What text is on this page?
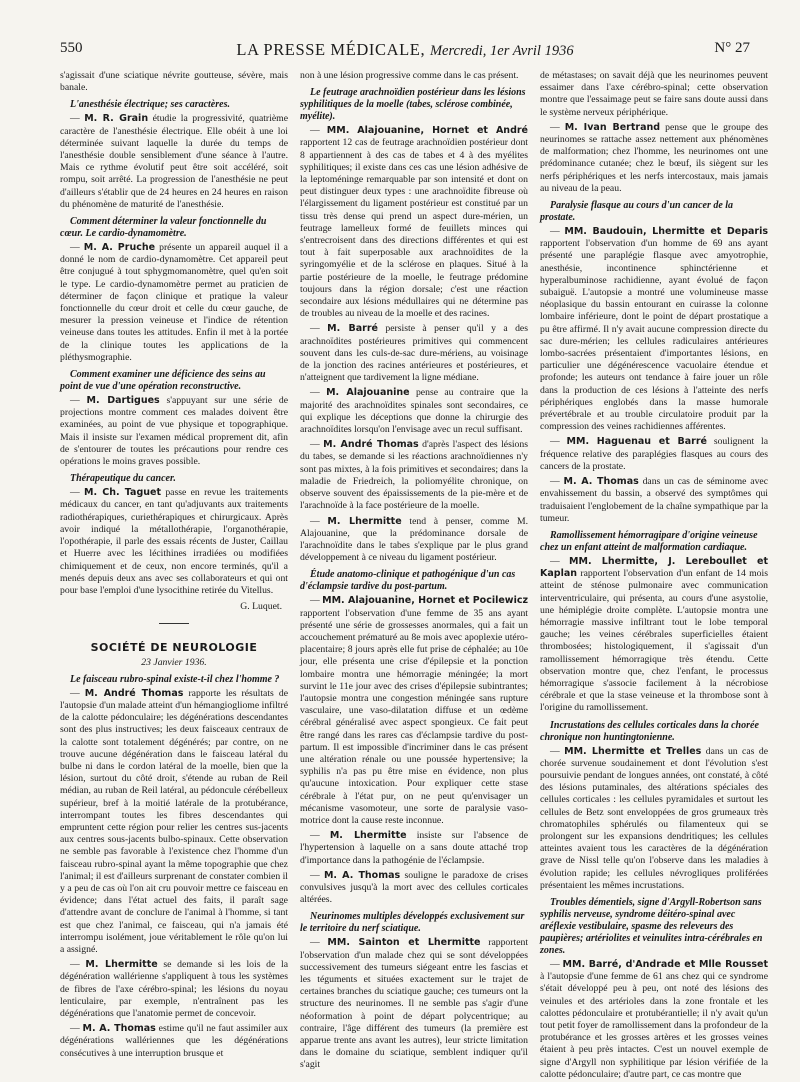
550	LA PRESSE MÉDICALE, Mercredi, 1er Avril 1936	N° 27

s'agissait d'une sciatique névrite goutteuse, sévère, mais banale.

L'anesthésie électrique; ses caractères.

— M. R. Grain étudie la progressivité, quatrième caractère de l'anesthésie électrique. Elle obéit à une loi déterminée suivant laquelle la durée du temps de l'anesthésie double sensiblement d'une séance à l'autre. Mais ce rythme évolutif peut être soit accéléré, soit rompu, soit arrêté. La progression de l'anesthésie ne peut d'ailleurs s'établir que de 24 heures en 24 heures en raison du phénomène de maturité de l'anesthésie.

Comment déterminer la valeur fonctionnelle du cœur. Le cardio-dynamomètre.

— M. A. Pruche présente un appareil auquel il a donné le nom de cardio-dynamomètre. Cet appareil peut être conjugué à tout sphygmomanomètre, quel qu'en soit le type. Le cardio-dynamomètre permet au praticien de déterminer de façon clinique et pratique la valeur fonctionnelle du cœur droit et celle du cœur gauche, de mesurer la pression veineuse et l'indice de rétention veineuse dans toutes les attitudes. Enfin il met à la portée de la clinique toutes les applications de la pléthysmographie.

Comment examiner une déficience des seins au point de vue d'une opération reconstructive.

— M. Dartigues s'appuyant sur une série de projections montre comment ces malades doivent être examinées, au point de vue physique et topographique. Mais il insiste sur l'examen médical proprement dit, afin de s'entourer de toutes les précautions pour rendre ces opérations le moins graves possible.

Thérapeutique du cancer.

— M. Ch. Taguet passe en revue les traitements médicaux du cancer, en tant qu'adjuvants aux traitements radiothérapiques, curiethérapiques et chirurgicaux. Après avoir indiqué la métallothérapie, l'organothérapie, l'opothérapie, il parle des essais récents de Juster, Caillau et Huerre avec les lécithines irradiées ou modifiées chimiquement et de ceux, non encore terminés, qu'il a menés depuis deux ans avec ses collaborateurs et qui ont pour base l'emploi d'une lysocithine retirée du Vitellus.

G. Luquet.

SOCIÉTÉ DE NEUROLOGIE

23 Janvier 1936.

Le faisceau rubro-spinal existe-t-il chez l'homme ?

— M. André Thomas rapporte les résultats de l'autopsie d'un malade atteint d'un hémangiogliome infiltré de la calotte pédonculaire; les dégénérations descendantes sont des plus instructives; les deux faisceaux centraux de la calotte sont totalement dégénérés; par contre, on ne trouve aucune dégénération dans le faisceau latéral du bulbe ni dans le cordon latéral de la moelle, bien que la lésion, surtout du côté droit, s'étende au ruban de Reil médian, au ruban de Reil latéral, au pédoncule cérébelleux supérieur, bref à la moitié latérale de la protubérance, interrompant toutes les fibres descendantes qui empruntent cette région pour relier les centres sus-jacents aux centres sous-jacents bulbo-spinaux. Cette observation ne semble pas favorable à l'existence chez l'homme d'un faisceau rubro-spinal ayant la même topographie que chez l'animal; il est d'ailleurs surprenant de constater combien il y a peu de cas où l'on ait cru pouvoir mettre ce faisceau en évidence; dans l'état actuel des faits, il paraît sage d'attendre avant de conclure de l'animal à l'homme, si tant est que chez l'animal, ce faisceau, qui n'a jamais été interrompu isolément, joue véritablement le rôle qu'on lui a assigné.

— M. Lhermitte se demande si les lois de la dégénération wallérienne s'appliquent à tous les systèmes de fibres de l'axe cérébro-spinal; les lésions du noyau lenticulaire, par exemple, n'entraînent pas les dégénérations que l'anatomie permet de concevoir.

— M. A. Thomas estime qu'il ne faut assimiler aux dégénérations wallériennes que les dégénérations consécutives à une interruption brusque et

non à une lésion progressive comme dans le cas présent.

Le feutrage arachnoïdien postérieur dans les lésions syphilitiques de la moelle (tabes, sclérose combinée, myélite).

— MM. Alajouanine, Hornet et André rapportent 12 cas de feutrage arachnoïdien postérieur dont 8 appartiennent à des cas de tabes et 4 à des myélites syphilitiques; il existe dans ces cas une lésion adhésive de la leptoméninge remarquable par son intensité et dont on peut distinguer deux types : une arachnoïdite fibreuse où l'élargissement du ligament postérieur est constitué par un tissu très dense qui prend un aspect dure-mérien, un feutrage lamelleux formé de feuillets minces qui s'entrecroisent dans des directions différentes et qui est tout à fait superposable aux arachnoïdites de la syringomyélie et de la sclérose en plaques. Situé à la partie postérieure de la moelle, le feutrage prédomine toujours dans la région dorsale; c'est une réaction secondaire aux lésions médullaires qui ne détermine pas de troubles au niveau de la moelle et des racines.

— M. Barré persiste à penser qu'il y a des arachnoïdites postérieures primitives qui commencent souvent dans les culs-de-sac dure-mériens, au voisinage de la jonction des racines antérieures et postérieures, et n'atteignent que tardivement la ligne médiane.

— M. Alajouanine pense au contraire que la majorité des arachnoïdites spinales sont secondaires, ce qui explique les déceptions que donne la chirurgie des arachnoïdites lorsqu'on l'envisage avec un recul suffisant.

— M. André Thomas d'après l'aspect des lésions du tabes, se demande si les réactions arachnoïdiennes n'y sont pas mixtes, à la fois primitives et secondaires; dans la maladie de Friedreich, la poliomyélite chronique, on observe souvent des épaississements de la pie-mère et de l'arachnoïde à la face postérieure de la moelle.

— M. Lhermitte tend à penser, comme M. Alajouanine, que la prédominance dorsale de l'arachnoïdite dans le tabes s'explique par le plus grand développement à ce niveau du ligament postérieur.

Étude anatomo-clinique et pathogénique d'un cas d'éclampsie tardive du post-partum.

— MM. Alajouanine, Hornet et Pocilewicz rapportent l'observation d'une femme de 35 ans ayant présenté une série de grossesses anormales, qui a fait un accouchement prématuré au 8e mois avec apoplexie utéro-placentaire; 8 jours après elle fut prise de céphalée; au 10e jour, elle présenta une crise d'épilepsie et la ponction lombaire montra une hémorragie méningée; la mort survint le 11e jour avec des crises d'épilepsie subintrantes; l'autopsie montra une congestion méningée sans rupture vasculaire, une vaso-dilatation diffuse et un œdème cérébral généralisé avec aspect spongieux. Ce fait peut être rangé dans les rares cas d'éclampsie tardive du post-partum. Il est impossible d'incriminer dans le cas présent une altération rénale ou une poussée hypertensive; la syphilis n'a pas pu être mise en évidence, non plus qu'aucune intoxication. Pour expliquer cette stase cérébrale à l'état pur, on ne peut qu'envisager un mécanisme vasomoteur, une sorte de paralysie vaso-motrice dont la cause reste inconnue.

— M. Lhermitte insiste sur l'absence de l'hypertension à laquelle on a sans doute attaché trop d'importance dans la pathogénie de l'éclampsie.

— M. A. Thomas souligne le paradoxe de crises convulsives jusqu'à la mort avec des cellules corticales altérées.

Neurinomes multiples développés exclusivement sur le territoire du nerf sciatique.

— MM. Sainton et Lhermitte rapportent l'observation d'un malade chez qui se sont développées successivement des tumeurs siégeant entre les fascias et les téguments et situées exactement sur le trajet de certaines branches du sciatique gauche; ces tumeurs ont la structure des neurinomes. Il ne semble pas s'agir d'une néoformation à point de départ polycentrique; au contraire, l'âge différent des tumeurs (la première est apparue trente ans avant les autres), leur stricte limitation dans le domaine du sciatique, semblent indiquer qu'il s'agit

de métastases; on savait déjà que les neurinomes peuvent essaimer dans l'axe cérébro-spinal; cette observation montre que l'essaimage peut se faire sans doute aussi dans le système nerveux périphérique.

— M. Ivan Bertrand pense que le groupe des neurinomes se rattache assez nettement aux phénomènes de malformation; chez l'homme, les neurinomes ont une prédominance cutanée; chez le bœuf, ils siègent sur les nerfs périphériques et les nerfs intercostaux, mais jamais au niveau de la peau.

Paralysie flasque au cours d'un cancer de la prostate.

— MM. Baudouin, Lhermitte et Deparis rapportent l'observation d'un homme de 69 ans ayant présenté une paraplégie flasque avec amyotrophie, anesthésie, incontinence sphinctérienne et hyperalbuminose rachidienne, ayant évolué de façon subaiguë. L'autopsie a montré une volumineuse masse néoplasique du bassin entourant en cuirasse la colonne lombaire inférieure, dont le point de départ prostatique a pu être affirmé. Il n'y avait aucune compression directe du sac dure-mérien; les cellules radiculaires antérieures lombo-sacrées présentaient d'importantes lésions, en particulier une dégénérescence vacuolaire étendue et profonde; les auteurs ont tendance à faire jouer un rôle dans la production de ces lésions à l'atteinte des nerfs périphériques englobés dans la masse humorale prévertébrale et au trouble circulatoire produit par la compression des veines rachidiennes afférentes.

— MM. Haguenau et Barré soulignent la fréquence relative des paraplégies flasques au cours des cancers de la prostate.

— M. A. Thomas dans un cas de séminome avec envahissement du bassin, a observé des symptômes qui traduisaient l'englobement de la chaîne sympathique par la tumeur.

Ramollissement hémorragipare d'origine veineuse chez un enfant atteint de malformation cardiaque.

— MM. Lhermitte, J. Lereboullet et Kaplan rapportent l'observation d'un enfant de 14 mois atteint de sténose pulmonaire avec communication interventriculaire, qui présenta, au cours d'une asystolie, une hémiplégie droite complète. L'autopsie montra une hémorragie massive infiltrant tout le lobe temporal gauche; les veines cérébrales superficielles étaient thrombosées; histologiquement, il s'agissait d'un ramollissement hémorragique très étendu. Cette observation montre que, chez l'enfant, le processus hémorragique s'associe facilement à la nécrobiose cérébrale et que la stase veineuse et la thrombose sont à l'origine du ramollissement.

Incrustations des cellules corticales dans la chorée chronique non huntingtonienne.

— MM. Lhermitte et Trelles dans un cas de chorée survenue soudainement et dont l'évolution s'est poursuivie pendant de longues années, ont constaté, à côté des lésions putaminales, des altérations spéciales des cellules corticales : les cellules pyramidales et surtout les cellules de Betz sont enveloppées de gros grumeaux très chromatophiles sphérulés ou filamenteux qui se prolongent sur les expansions dendritiques; les cellules atteintes avaient tous les caractères de la dégénération grave de Nissl telle qu'on l'observe dans les maladies à évolution rapide; les cellules névrogliques proliférées présentaient les mêmes incrustations.

Troubles démentiels, signe d'Argyll-Robertson sans syphilis nerveuse, syndrome déitéro-spinal avec aréflexie vestibulaire, spasme des releveurs des paupières; artériolites et veinulites intra-cérébrales en zones.

— MM. Barré, d'Andrade et Mlle Rousset à l'autopsie d'une femme de 61 ans chez qui ce syndrome s'était développé peu à peu, ont noté des lésions des veinules et des artérioles dans la zone frontale et les calottes pédonculaire et protubérantielle; il n'y avait qu'un tout petit foyer de ramollissement dans la profondeur de la protubérance et les grosses artères et les grosses veines étaient à peu près intactes. C'est un nouvel exemple de signe d'Argyll non syphilitique par lésion vérifiée de la calotte pédonculaire; d'autre part, ce cas montre que
